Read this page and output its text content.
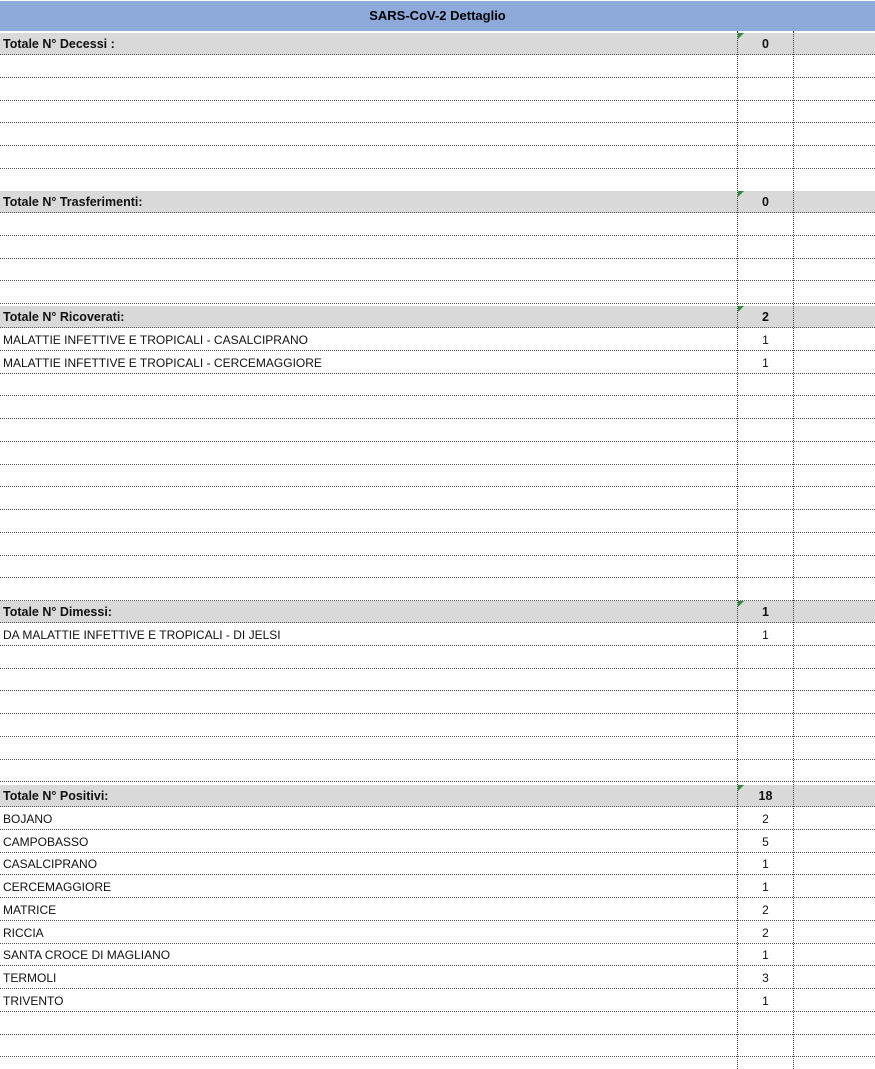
SARS-CoV-2 Dettaglio
Totale N° Decessi :	0
Totale N° Trasferimenti:	0
Totale N° Ricoverati:	2
MALATTIE INFETTIVE E TROPICALI - CASALCIPRANO	1
MALATTIE INFETTIVE E TROPICALI - CERCEMAGGIORE	1
Totale N° Dimessi:	1
DA MALATTIE INFETTIVE E TROPICALI - DI JELSI	1
Totale N° Positivi:	18
BOJANO	2
CAMPOBASSO	5
CASALCIPRANO	1
CERCEMAGGIORE	1
MATRICE	2
RICCIA	2
SANTA CROCE DI MAGLIANO	1
TERMOLI	3
TRIVENTO	1
